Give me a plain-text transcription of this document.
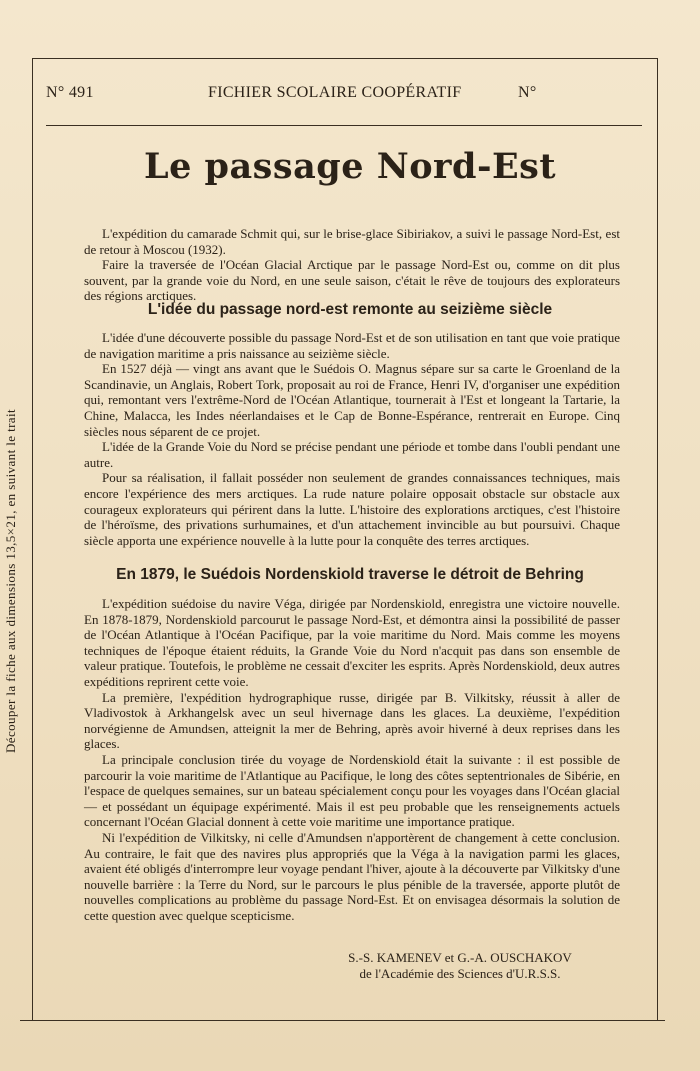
Découper la fiche aux dimensions 13,5×21, en suivant le trait
N° 491	FICHIER SCOLAIRE COOPÉRATIF	N°
Le passage Nord-Est

L'expédition du camarade Schmit qui, sur le brise-glace Sibiriakov, a suivi le passage Nord-Est, est de retour à Moscou (1932).

Faire la traversée de l'Océan Glacial Arctique par le passage Nord-Est ou, comme on dit plus souvent, par la grande voie du Nord, en une seule saison, c'était le rêve de toujours des explorateurs des régions arctiques.

L'idée du passage nord-est remonte au seizième siècle

L'idée d'une découverte possible du passage Nord-Est et de son utilisation en tant que voie pratique de navigation maritime a pris naissance au seizième siècle.

En 1527 déjà — vingt ans avant que le Suédois O. Magnus sépare sur sa carte le Groenland de la Scandinavie, un Anglais, Robert Tork, proposait au roi de France, Henri IV, d'organiser une expédition qui, remontant vers l'extrême-Nord de l'Océan Atlantique, tournerait à l'Est et longeant la Tartarie, la Chine, Malacca, les Indes néerlandaises et le Cap de Bonne-Espérance, rentrerait en Europe. Cinq siècles nous séparent de ce projet.

L'idée de la Grande Voie du Nord se précise pendant une période et tombe dans l'oubli pendant une autre.

Pour sa réalisation, il fallait posséder non seulement de grandes connaissances techniques, mais encore l'expérience des mers arctiques. La rude nature polaire opposait obstacle sur obstacle aux courageux explorateurs qui périrent dans la lutte. L'histoire des explorations arctiques, c'est l'histoire de l'héroïsme, des privations surhumaines, et d'un attachement invincible au but poursuivi. Chaque siècle apporta une expérience nouvelle à la lutte pour la conquête des terres arctiques.

En 1879, le Suédois Nordenskiold traverse le détroit de Behring

L'expédition suédoise du navire Véga, dirigée par Nordenskiold, enregistra une victoire nouvelle. En 1878-1879, Nordenskiold parcourut le passage Nord-Est, et démontra ainsi la possibilité de passer de l'Océan Atlantique à l'Océan Pacifique, par la voie maritime du Nord. Mais comme les moyens techniques de l'époque étaient réduits, la Grande Voie du Nord n'acquit pas dans son ensemble de valeur pratique. Toutefois, le problème ne cessait d'exciter les esprits. Après Nordenskiold, deux autres expéditions reprirent cette voie.

La première, l'expédition hydrographique russe, dirigée par B. Vilkitsky, réussit à aller de Vladivostok à Arkhangelsk avec un seul hivernage dans les glaces. La deuxième, l'expédition norvégienne de Amundsen, atteignit la mer de Behring, après avoir hiverné à deux reprises dans les glaces.

La principale conclusion tirée du voyage de Nordenskiold était la suivante : il est possible de parcourir la voie maritime de l'Atlantique au Pacifique, le long des côtes septentrionales de Sibérie, en l'espace de quelques semaines, sur un bateau spécialement conçu pour les voyages dans l'Océan glacial — et possédant un équipage expérimenté. Mais il est peu probable que les renseignements actuels concernant l'Océan Glacial donnent à cette voie maritime une importance pratique.

Ni l'expédition de Vilkitsky, ni celle d'Amundsen n'apportèrent de changement à cette conclusion. Au contraire, le fait que des navires plus appropriés que la Véga à la navigation parmi les glaces, avaient été obligés d'interrompre leur voyage pendant l'hiver, ajoute à la découverte par Vilkitsky d'une nouvelle barrière : la Terre du Nord, sur le parcours le plus pénible de la traversée, apporte plutôt de nouvelles complications au problème du passage Nord-Est. Et on envisagea désormais la solution de cette question avec quelque scepticisme.

S.-S. KAMENEV et G.-A. OUSCHAKOV
de l'Académie des Sciences d'U.R.S.S.
